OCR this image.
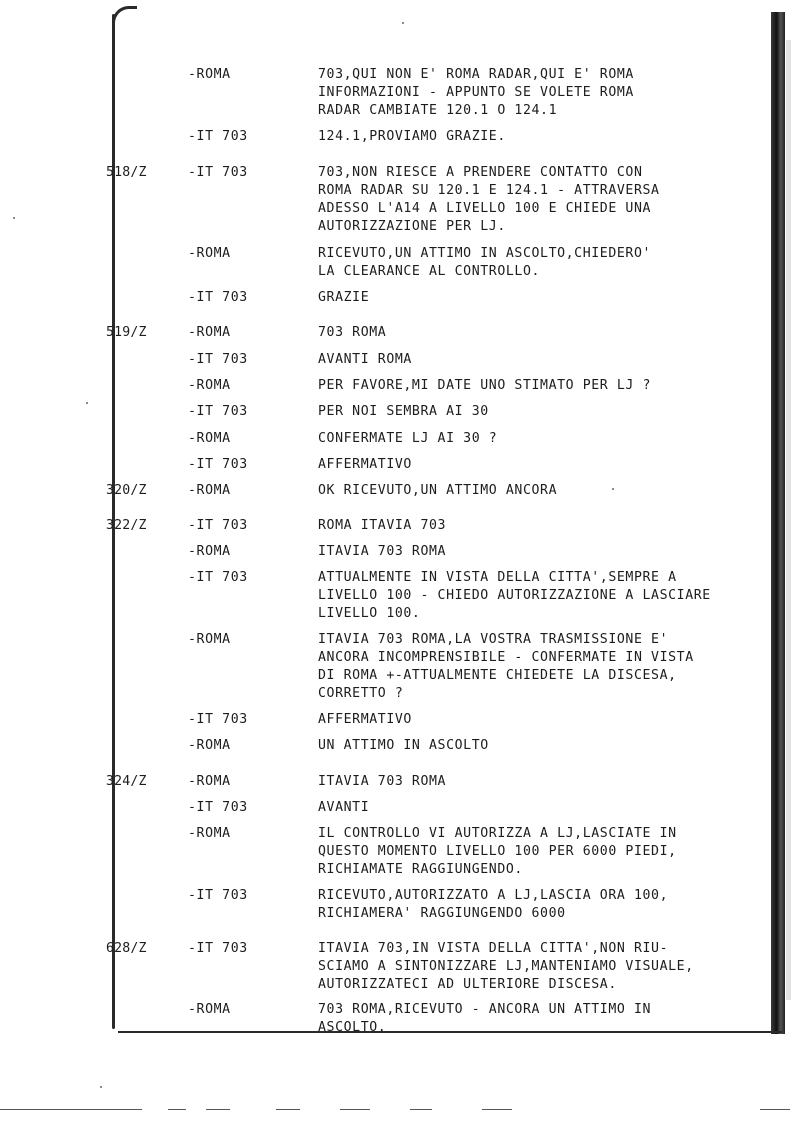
-ROMA	703,QUI NON E' ROMA RADAR,QUI E' ROMA
INFORMAZIONI - APPUNTO SE VOLETE ROMA
RADAR CAMBIATE 120.1 O 124.1
-IT 703	124.1,PROVIAMO GRAZIE.
518/Z	-IT 703	703,NON RIESCE A PRENDERE CONTATTO CON
ROMA RADAR SU 120.1 E 124.1 - ATTRAVERSA
ADESSO L'A14 A LIVELLO 100 E CHIEDE UNA
AUTORIZZAZIONE PER LJ.
-ROMA	RICEVUTO,UN ATTIMO IN ASCOLTO,CHIEDERO'
LA CLEARANCE AL CONTROLLO.
-IT 703	GRAZIE
519/Z	-ROMA	703 ROMA
-IT 703	AVANTI ROMA
-ROMA	PER FAVORE,MI DATE UNO STIMATO PER LJ ?
-IT 703	PER NOI SEMBRA AI 30
-ROMA	CONFERMATE LJ AI 30 ?
-IT 703	AFFERMATIVO
320/Z	-ROMA	OK RICEVUTO,UN ATTIMO ANCORA
322/Z	-IT 703	ROMA ITAVIA 703
-ROMA	ITAVIA 703 ROMA
-IT 703	ATTUALMENTE IN VISTA DELLA CITTA',SEMPRE A
LIVELLO 100 - CHIEDO AUTORIZZAZIONE A LASCIARE
LIVELLO 100.
-ROMA	ITAVIA 703 ROMA,LA VOSTRA TRASMISSIONE E'
ANCORA INCOMPRENSIBILE - CONFERMATE IN VISTA
DI ROMA +-ATTUALMENTE CHIEDETE LA DISCESA,
CORRETTO ?
-IT 703	AFFERMATIVO
-ROMA	UN ATTIMO IN ASCOLTO
324/Z	-ROMA	ITAVIA 703 ROMA
-IT 703	AVANTI
-ROMA	IL CONTROLLO VI AUTORIZZA A LJ,LASCIATE IN
QUESTO MOMENTO LIVELLO 100 PER 6000 PIEDI,
RICHIAMATE RAGGIUNGENDO.
-IT 703	RICEVUTO,AUTORIZZATO A LJ,LASCIA ORA 100,
RICHIAMERA' RAGGIUNGENDO 6000
628/Z	-IT 703	ITAVIA 703,IN VISTA DELLA CITTA',NON RIU-
SCIAMO A SINTONIZZARE LJ,MANTENIAMO VISUALE,
AUTORIZZATECI AD ULTERIORE DISCESA.
-ROMA	703 ROMA,RICEVUTO - ANCORA UN ATTIMO IN
ASCOLTO.
